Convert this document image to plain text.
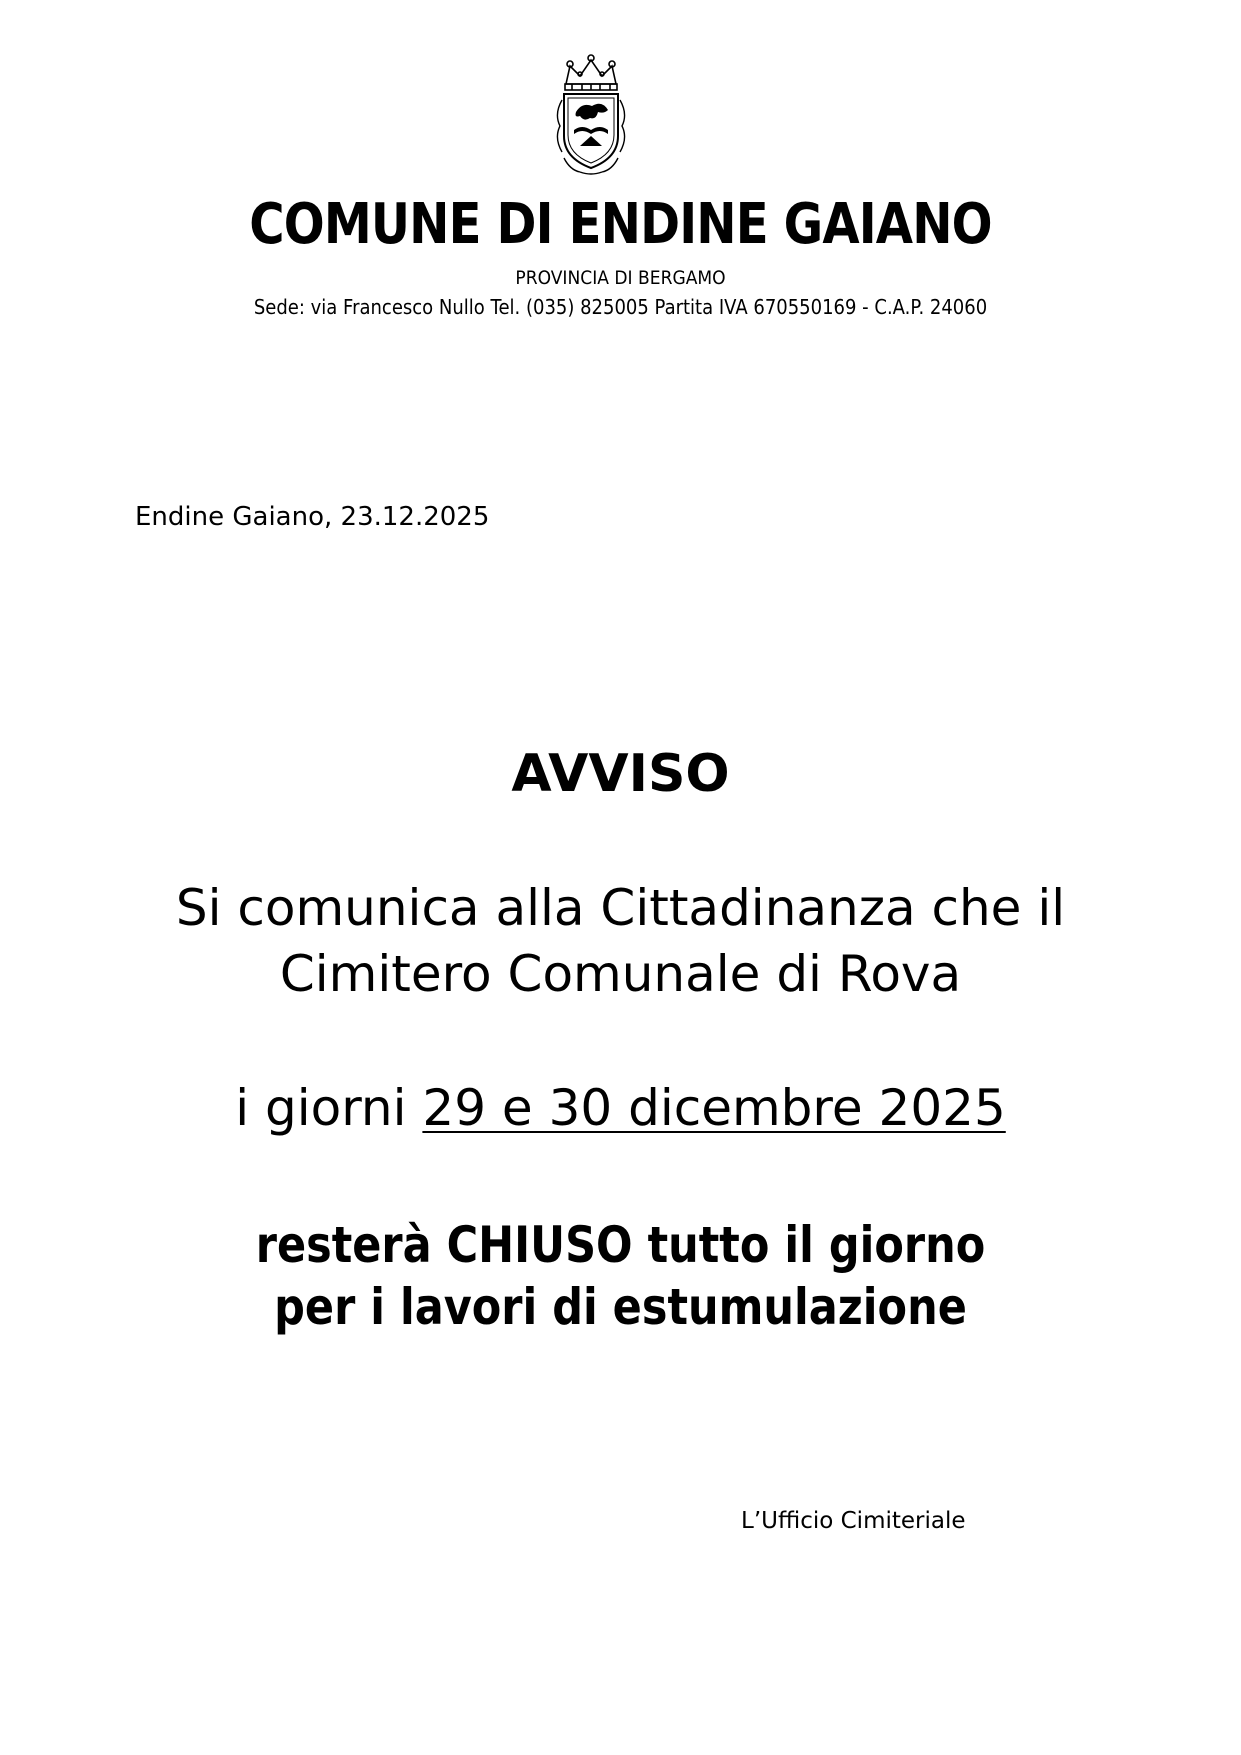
COMUNE DI ENDINE GAIANO
PROVINCIA DI BERGAMO
Sede: via Francesco Nullo Tel. (035) 825005 Partita IVA 670550169 - C.A.P. 24060
Endine Gaiano, 23.12.2025
AVVISO
Si comunica alla Cittadinanza che il
Cimitero Comunale di Rova
i giorni 29 e 30 dicembre 2025
resterà CHIUSO tutto il giorno
per i lavori di estumulazione
L’Ufficio Cimiteriale
